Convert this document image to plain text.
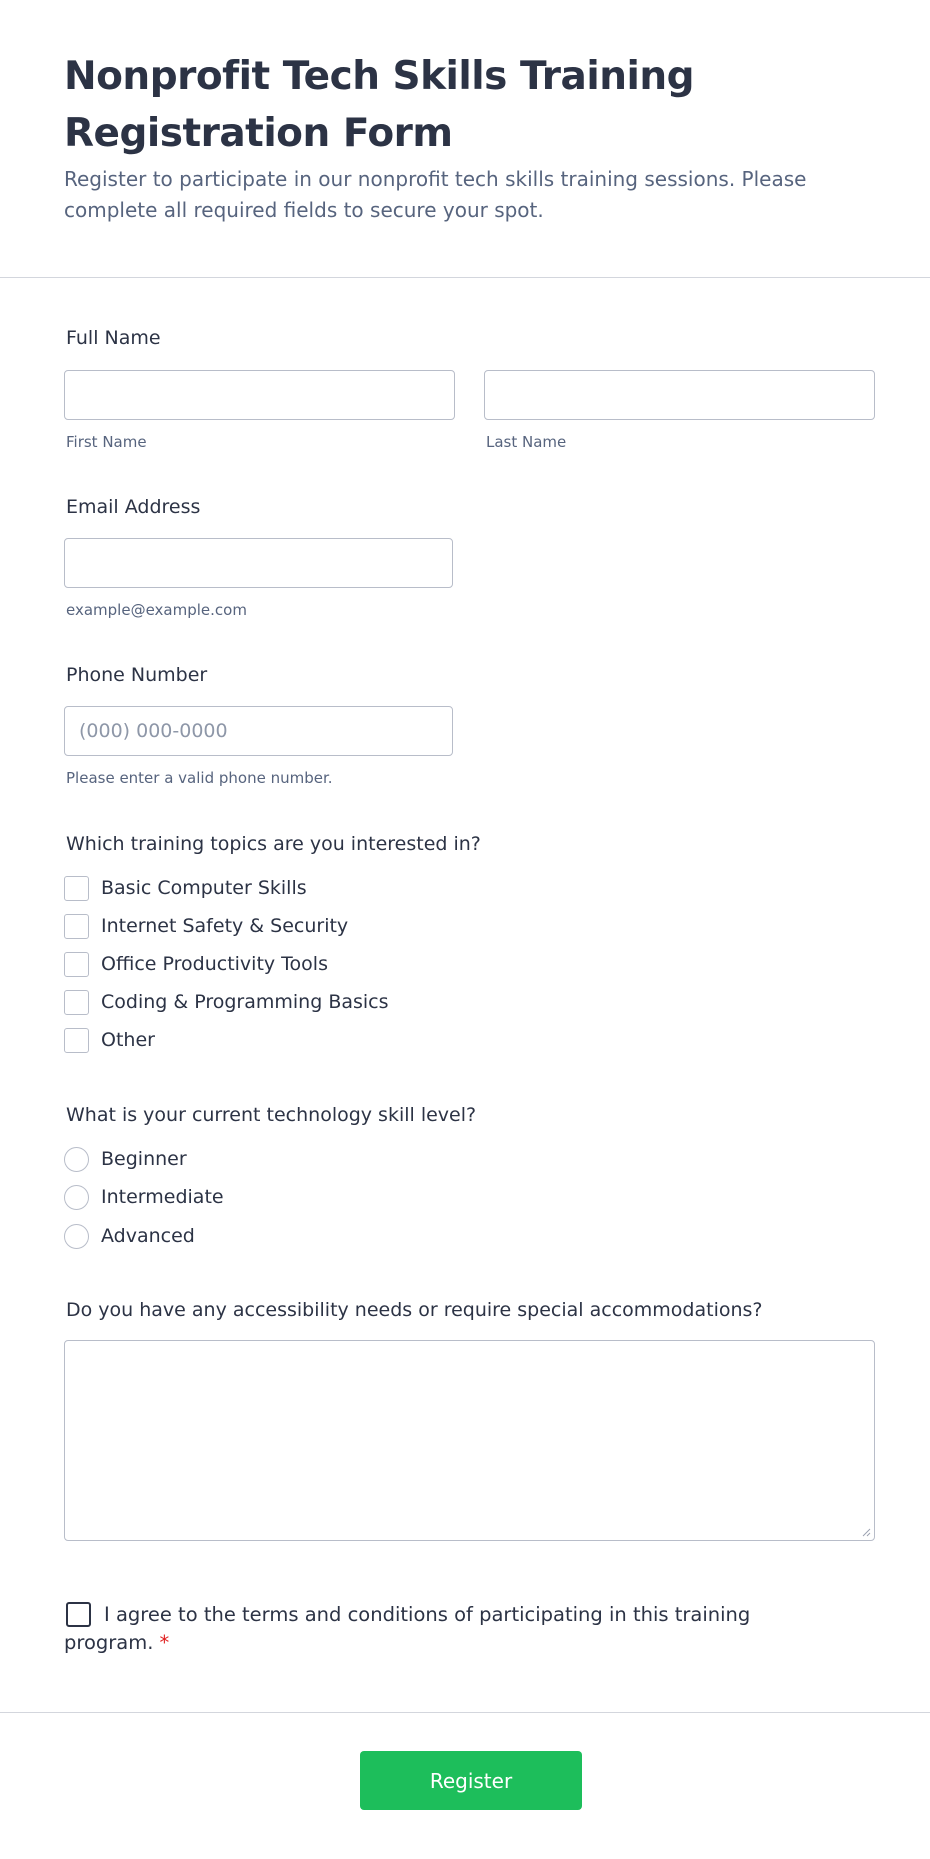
Nonprofit Tech Skills Training Registration Form

Register to participate in our nonprofit tech skills training sessions. Please complete all required fields to secure your spot.

Full Name
First Name	Last Name
Email Address
example@example.com
Phone Number
(000) 000-0000
Please enter a valid phone number.
Which training topics are you interested in?
Basic Computer Skills
Internet Safety & Security
Office Productivity Tools
Coding & Programming Basics
Other
What is your current technology skill level?
Beginner
Intermediate
Advanced
Do you have any accessibility needs or require special accommodations?

I agree to the terms and conditions of participating in this training program. *

Register
